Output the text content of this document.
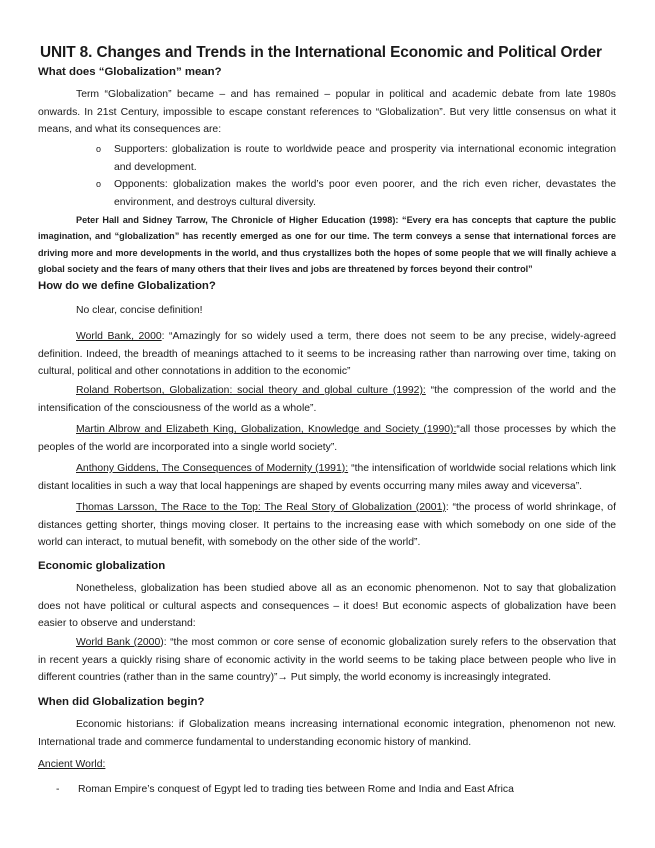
UNIT 8. Changes and Trends in the International Economic and Political Order
What does “Globalization” mean?

Term “Globalization” became – and has remained – popular in political and academic debate from late 1980s onwards. In 21st Century, impossible to escape constant references to “Globalization”. But very little consensus on what it means, and what its consequences are:

o Supporters: globalization is route to worldwide peace and prosperity via international economic integration and development.
o Opponents: globalization makes the world’s poor even poorer, and the rich even richer, devastates the environment, and destroys cultural diversity.

Peter Hall and Sidney Tarrow, The Chronicle of Higher Education (1998): “Every era has concepts that capture the public imagination, and “globalization” has recently emerged as one for our time. The term conveys a sense that international forces are driving more and more developments in the world, and thus crystallizes both the hopes of some people that we will finally achieve a global society and the fears of many others that their lives and jobs are threatened by forces beyond their control”

How do we define Globalization?
No clear, concise definition!

World Bank, 2000: “Amazingly for so widely used a term, there does not seem to be any precise, widely-agreed definition. Indeed, the breadth of meanings attached to it seems to be increasing rather than narrowing over time, taking on cultural, political and other connotations in addition to the economic”

Roland Robertson, Globalization: social theory and global culture (1992): “the compression of the world and the intensification of the consciousness of the world as a whole”.

Martin Albrow and Elizabeth King, Globalization, Knowledge and Society (1990):“all those processes by which the peoples of the world are incorporated into a single world society”.

Anthony Giddens, The Consequences of Modernity (1991): “the intensification of worldwide social relations which link distant localities in such a way that local happenings are shaped by events occurring many miles away and viceversa”.

Thomas Larsson, The Race to the Top: The Real Story of Globalization (2001): “the process of world shrinkage, of distances getting shorter, things moving closer. It pertains to the increasing ease with which somebody on one side of the world can interact, to mutual benefit, with somebody on the other side of the world”.

Economic globalization

Nonetheless, globalization has been studied above all as an economic phenomenon. Not to say that globalization does not have political or cultural aspects and consequences – it does! But economic aspects of globalization have been easier to observe and understand:

World Bank (2000): “the most common or core sense of economic globalization surely refers to the observation that in recent years a quickly rising share of economic activity in the world seems to be taking place between people who live in different countries (rather than in the same country)”→ Put simply, the world economy is increasingly integrated.

When did Globalization begin?

Economic historians: if Globalization means increasing international economic integration, phenomenon not new. International trade and commerce fundamental to understanding economic history of mankind.

Ancient World:
- Roman Empire’s conquest of Egypt led to trading ties between Rome and India and East Africa
